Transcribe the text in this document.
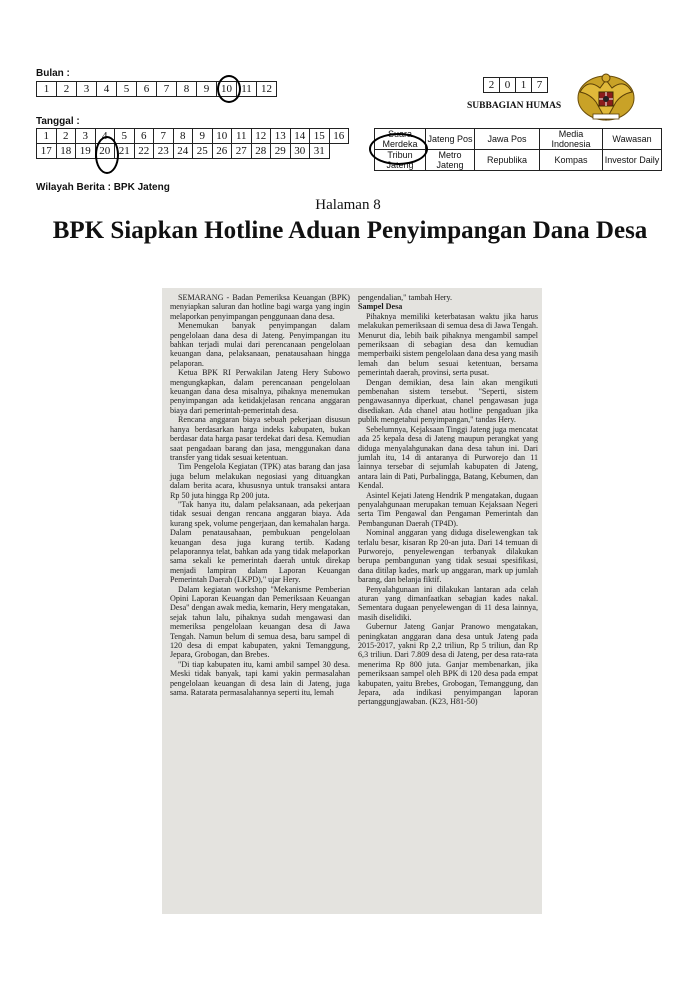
Bulan :
1	2	3	4	5	6	7	8	9	10	11	12
Tanggal :
1	2	3	4	5	6	7	8	9	10	11	12	13	14	15	16
17	18	19	20	21	22	23	24	25	26	27	28	29	30	31	
Wilayah Berita : BPK Jateng
Suara Merdeka	Jateng Pos	Jawa Pos	Media Indonesia	Wawasan
Tribun Jateng	Metro Jateng	Republika	Kompas	Investor Daily
2	0	1	7
SUBBAGIAN HUMAS
Halaman 8
BPK Siapkan Hotline Aduan Penyimpangan Dana Desa

SEMARANG - Badan Pemeriksa Keuangan (BPK) menyiapkan saluran dan hotline bagi warga yang ingin melaporkan penyimpangan penggunaan dana desa.

Menemukan banyak penyimpangan dalam pengelolaan dana desa di Jateng. Penyimpangan itu bahkan terjadi mulai dari perencanaan pengelolaan keuangan dana, pelaksanaan, penatausahaan hingga pelaporan.

Ketua BPK RI Perwakilan Jateng Hery Subowo mengungkapkan, dalam perencanaan pengelolaan keuangan dana desa misalnya, pihaknya menemukan penyimpangan ada ketidakjelasan rencana anggaran biaya dari pemerintah-pemerintah desa.

Rencana anggaran biaya sebuah pekerjaan disusun hanya berdasarkan harga indeks kabupaten, bukan berdasar data harga pasar terdekat dari desa. Kemudian saat pengadaan barang dan jasa, menggunakan dana transfer yang tidak sesuai ketentuan.

Tim Pengelola Kegiatan (TPK) atas barang dan jasa juga belum melakukan negosiasi yang dituangkan dalam berita acara, khususnya untuk transaksi antara Rp 50 juta hingga Rp 200 juta.

"Tak hanya itu, dalam pelaksanaan, ada pekerjaan tidak sesuai dengan rencana anggaran biaya. Ada kurang spek, volume pengerjaan, dan kemahalan harga. Dalam penatausahaan, pembukuan pengelolaan keuangan desa juga kurang tertib. Kadang pelaporannya telat, bahkan ada yang tidak melaporkan sama sekali ke pemerintah daerah untuk direkap menjadi lampiran dalam Laporan Keuangan Pemerintah Daerah (LKPD)," ujar Hery.

Dalam kegiatan workshop "Mekanisme Pemberian Opini Laporan Keuangan dan Pemeriksaan Keuangan Desa" dengan awak media, kemarin, Hery mengatakan, sejak tahun lalu, pihaknya sudah mengawasi dan memeriksa pengelolaan keuangan desa di Jawa Tengah. Namun belum di semua desa, baru sampel di 120 desa di empat kabupaten, yakni Temanggung, Jepara, Grobogan, dan Brebes.

"Di tiap kabupaten itu, kami ambil sampel 30 desa. Meski tidak banyak, tapi kami yakin permasalahan pengelolaan keuangan di desa lain di Jateng, juga sama. Ratarata permasalahannya seperti itu, lemah

pengendalian," tambah Hery.

Sampel Desa

Pihaknya memiliki keterbatasan waktu jika harus melakukan pemeriksaan di semua desa di Jawa Tengah. Menurut dia, lebih baik pihaknya mengambil sampel pemeriksaan di sebagian desa dan kemudian memperbaiki sistem pengelolaan dana desa yang masih lemah dan belum sesuai ketentuan, bersama pemerintah daerah, provinsi, serta pusat.

Dengan demikian, desa lain akan mengikuti pembenahan sistem tersebut. "Seperti, sistem pengawasannya diperkuat, chanel pengawasan juga disediakan. Ada chanel atau hotline pengaduan jika publik mengetahui penyimpangan," tandas Hery.

Sebelumnya, Kejaksaan Tinggi Jateng juga mencatat ada 25 kepala desa di Jateng maupun perangkat yang diduga menyalahgunakan dana desa tahun ini. Dari jumlah itu, 14 di antaranya di Purworejo dan 11 lainnya tersebar di sejumlah kabupaten di Jateng, antara lain di Pati, Purbalingga, Batang, Kebumen, dan Kendal.

Asintel Kejati Jateng Hendrik P mengatakan, dugaan penyalahgunaan merupakan temuan Kejaksaan Negeri serta Tim Pengawal dan Pengaman Pemerintah dan Pembangunan Daerah (TP4D).

Nominal anggaran yang diduga diselewengkan tak terlalu besar, kisaran Rp 20-an juta. Dari 14 temuan di Purworejo, penyelewengan terbanyak dilakukan berupa pembangunan yang tidak sesuai spesifikasi, dana ditilap kades, mark up anggaran, mark up jumlah barang, dan belanja fiktif.

Penyalahgunaan ini dilakukan lantaran ada celah aturan yang dimanfaatkan sebagian kades nakal. Sementara dugaan penyelewengan di 11 desa lainnya, masih diselidiki.

Gubernur Jateng Ganjar Pranowo mengatakan, peningkatan anggaran dana desa untuk Jateng pada 2015-2017, yakni Rp 2,2 triliun, Rp 5 triliun, dan Rp 6,3 triliun. Dari 7.809 desa di Jateng, per desa rata-rata menerima Rp 800 juta. Ganjar membenarkan, jika pemeriksaan sampel oleh BPK di 120 desa pada empat kabupaten, yaitu Brebes, Grobogan, Temanggung, dan Jepara, ada indikasi penyimpangan laporan pertanggungjawaban. (K23, H81-50)
